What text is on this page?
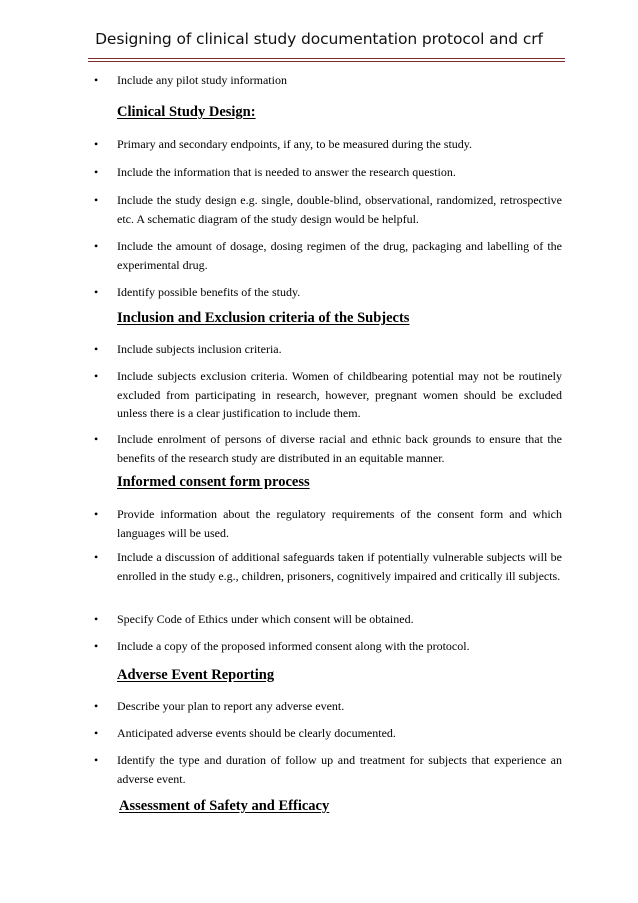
Designing of clinical study documentation protocol and crf
• Include any pilot study information
Clinical Study Design:
• Primary and secondary endpoints, if any, to be measured during the study.
• Include the information that is needed to answer the research question.
• Include the study design e.g. single, double-blind, observational, randomized, retrospective etc. A schematic diagram of the study design would be helpful.
• Include the amount of dosage, dosing regimen of the drug, packaging and labelling of the experimental drug.
• Identify possible benefits of the study.
Inclusion and Exclusion criteria of the Subjects
• Include subjects inclusion criteria.
• Include subjects exclusion criteria. Women of childbearing potential may not be routinely excluded from participating in research, however, pregnant women should be excluded unless there is a clear justification to include them.
• Include enrolment of persons of diverse racial and ethnic back grounds to ensure that the benefits of the research study are distributed in an equitable manner.
Informed consent form process
• Provide information about the regulatory requirements of the consent form and which languages will be used.
• Include a discussion of additional safeguards taken if potentially vulnerable subjects will be enrolled in the study e.g., children, prisoners, cognitively impaired and critically ill subjects.
• Specify Code of Ethics under which consent will be obtained.
• Include a copy of the proposed informed consent along with the protocol.
Adverse Event Reporting
• Describe your plan to report any adverse event.
• Anticipated adverse events should be clearly documented.
• Identify the type and duration of follow up and treatment for subjects that experience an adverse event.
Assessment of Safety and Efficacy
